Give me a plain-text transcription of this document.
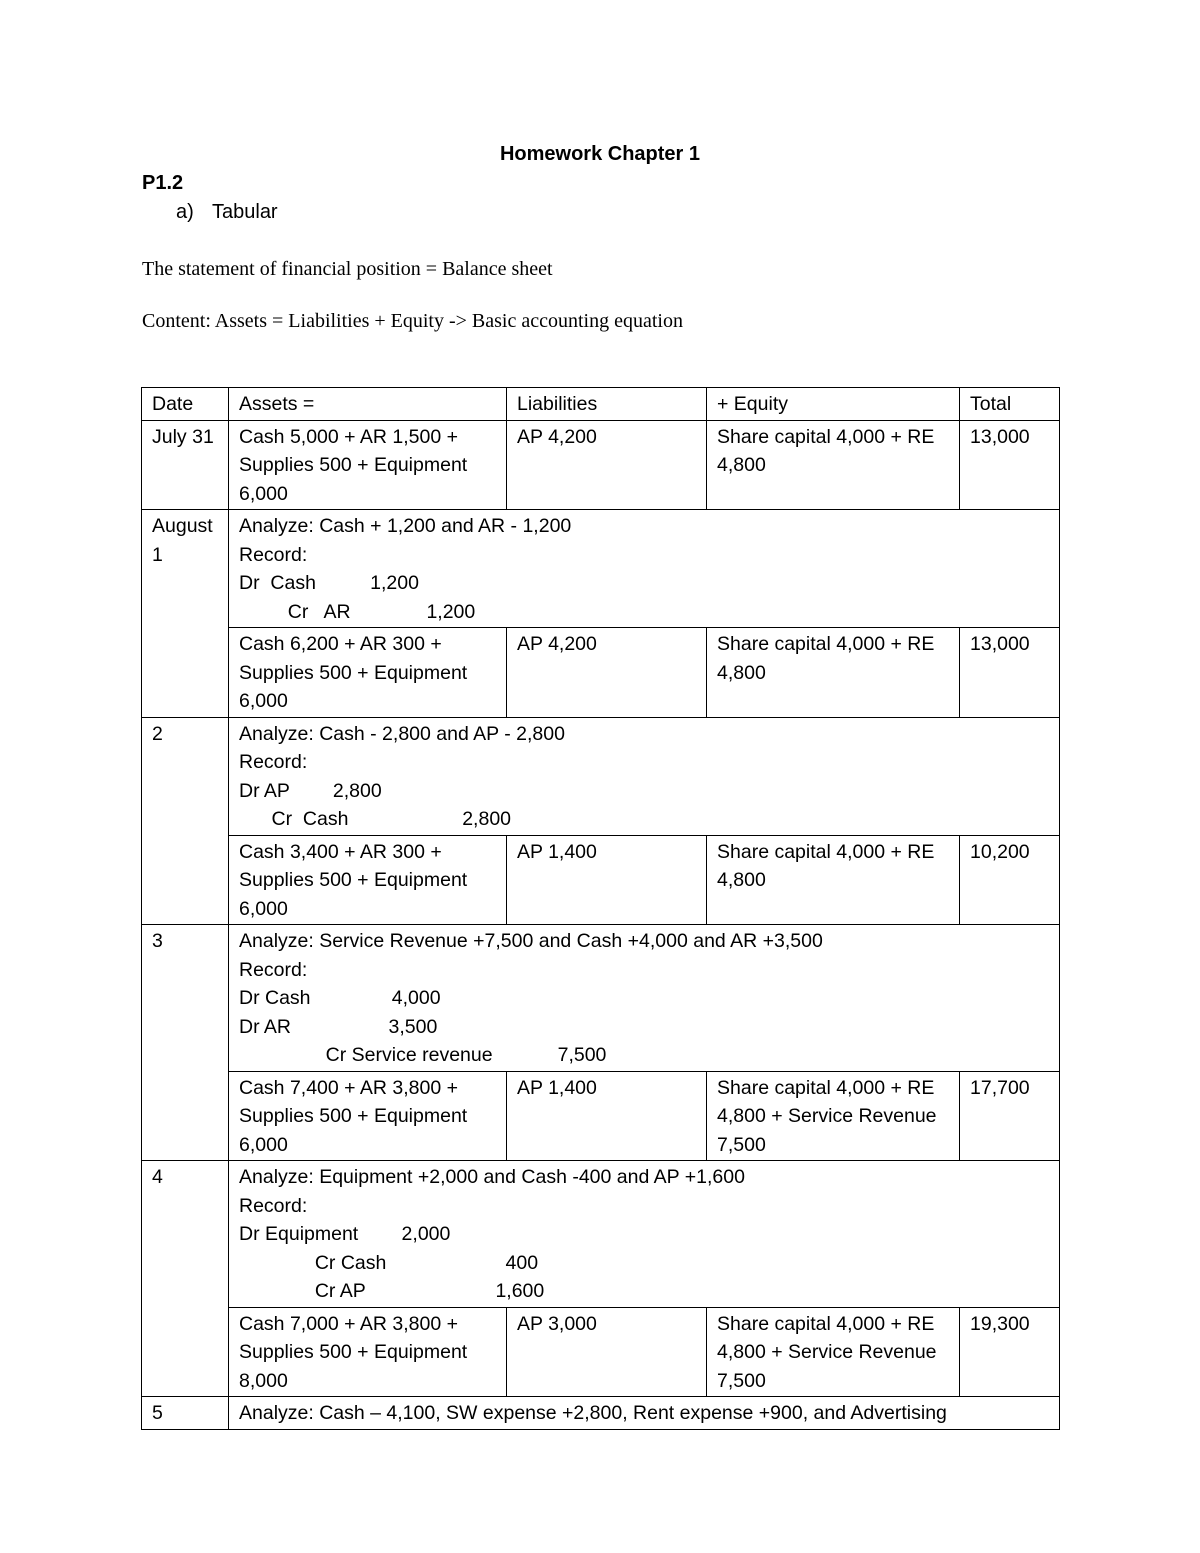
Homework Chapter 1
P1.2
a) Tabular
The statement of financial position = Balance sheet
Content: Assets = Liabilities + Equity -> Basic accounting equation
Date	Assets =	Liabilities	+ Equity	Total
July 31	Cash 5,000 + AR 1,500 + Supplies 500 + Equipment 6,000	AP 4,200	Share capital 4,000 + RE 4,800	13,000
August 1	Analyze: Cash + 1,200 and AR - 1,200
Record:
Dr  Cash          1,200
Cr   AR              1,200			

	Cash 6,200 + AR 300 + Supplies 500 + Equipment 6,000	AP 4,200	Share capital 4,000 + RE 4,800	13,000
2	Analyze: Cash - 2,800 and AP - 2,800
Record:
Dr AP        2,800
Cr  Cash                     2,800			

	Cash 3,400 + AR 300 + Supplies 500 + Equipment 6,000	AP 1,400	Share capital 4,000 + RE 4,800	10,200
3	Analyze: Service Revenue +7,500 and Cash +4,000 and AR +3,500
Record:
Dr Cash               4,000
Dr AR                  3,500
Cr Service revenue            7,500			

	Cash 7,400 + AR 3,800 + Supplies 500 + Equipment 6,000	AP 1,400	Share capital 4,000 + RE 4,800 + Service Revenue 7,500	17,700
4	Analyze: Equipment +2,000 and Cash -400 and AP +1,600
Record:
Dr Equipment        2,000
Cr Cash                      400
Cr AP                        1,600			

	Cash 7,000 + AR 3,800 + Supplies 500 + Equipment 8,000	AP 3,000	Share capital 4,000 + RE 4,800 + Service Revenue 7,500	19,300
5	Analyze: Cash – 4,100, SW expense +2,800, Rent expense +900, and Advertising			
